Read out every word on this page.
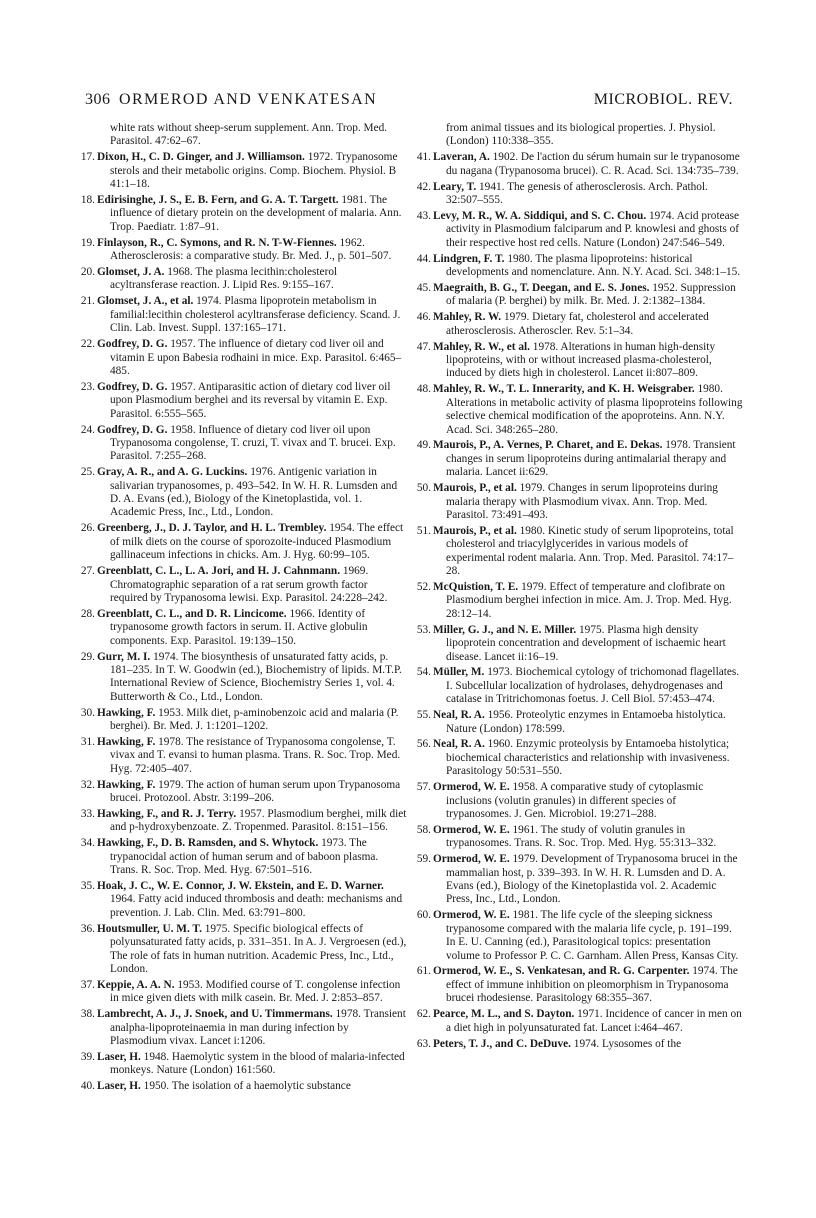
306 ORMEROD AND VENKATESAN	MICROBIOL. REV.
white rats without sheep-serum supplement. Ann. Trop. Med. Parasitol. 47:62–67.
17. Dixon, H., C. D. Ginger, and J. Williamson. 1972. Trypanosome sterols and their metabolic origins. Comp. Biochem. Physiol. B 41:1–18.
18. Edirisinghe, J. S., E. B. Fern, and G. A. T. Targett. 1981. The influence of dietary protein on the development of malaria. Ann. Trop. Paediatr. 1:87–91.
19. Finlayson, R., C. Symons, and R. N. T-W-Fiennes. 1962. Atherosclerosis: a comparative study. Br. Med. J., p. 501–507.
20. Glomset, J. A. 1968. The plasma lecithin:cholesterol acyltransferase reaction. J. Lipid Res. 9:155–167.
21. Glomset, J. A., et al. 1974. Plasma lipoprotein metabolism in familial:lecithin cholesterol acyltransferase deficiency. Scand. J. Clin. Lab. Invest. Suppl. 137:165–171.
22. Godfrey, D. G. 1957. The influence of dietary cod liver oil and vitamin E upon Babesia rodhaini in mice. Exp. Parasitol. 6:465–485.
23. Godfrey, D. G. 1957. Antiparasitic action of dietary cod liver oil upon Plasmodium berghei and its reversal by vitamin E. Exp. Parasitol. 6:555–565.
24. Godfrey, D. G. 1958. Influence of dietary cod liver oil upon Trypanosoma congolense, T. cruzi, T. vivax and T. brucei. Exp. Parasitol. 7:255–268.
25. Gray, A. R., and A. G. Luckins. 1976. Antigenic variation in salivarian trypanosomes, p. 493–542. In W. H. R. Lumsden and D. A. Evans (ed.), Biology of the Kinetoplastida, vol. 1. Academic Press, Inc., Ltd., London.
26. Greenberg, J., D. J. Taylor, and H. L. Trembley. 1954. The effect of milk diets on the course of sporozoite-induced Plasmodium gallinaceum infections in chicks. Am. J. Hyg. 60:99–105.
27. Greenblatt, C. L., L. A. Jori, and H. J. Cahnmann. 1969. Chromatographic separation of a rat serum growth factor required by Trypanosoma lewisi. Exp. Parasitol. 24:228–242.
28. Greenblatt, C. L., and D. R. Lincicome. 1966. Identity of trypanosome growth factors in serum. II. Active globulin components. Exp. Parasitol. 19:139–150.
29. Gurr, M. I. 1974. The biosynthesis of unsaturated fatty acids, p. 181–235. In T. W. Goodwin (ed.), Biochemistry of lipids. M.T.P. International Review of Science, Biochemistry Series 1, vol. 4. Butterworth & Co., Ltd., London.
30. Hawking, F. 1953. Milk diet, p-aminobenzoic acid and malaria (P. berghei). Br. Med. J. 1:1201–1202.
31. Hawking, F. 1978. The resistance of Trypanosoma congolense, T. vivax and T. evansi to human plasma. Trans. R. Soc. Trop. Med. Hyg. 72:405–407.
32. Hawking, F. 1979. The action of human serum upon Trypanosoma brucei. Protozool. Abstr. 3:199–206.
33. Hawking, F., and R. J. Terry. 1957. Plasmodium berghei, milk diet and p-hydroxybenzoate. Z. Tropenmed. Parasitol. 8:151–156.
34. Hawking, F., D. B. Ramsden, and S. Whytock. 1973. The trypanocidal action of human serum and of baboon plasma. Trans. R. Soc. Trop. Med. Hyg. 67:501–516.
35. Hoak, J. C., W. E. Connor, J. W. Ekstein, and E. D. Warner. 1964. Fatty acid induced thrombosis and death: mechanisms and prevention. J. Lab. Clin. Med. 63:791–800.
36. Houtsmuller, U. M. T. 1975. Specific biological effects of polyunsaturated fatty acids, p. 331–351. In A. J. Vergroesen (ed.), The role of fats in human nutrition. Academic Press, Inc., Ltd., London.
37. Keppie, A. A. N. 1953. Modified course of T. congolense infection in mice given diets with milk casein. Br. Med. J. 2:853–857.
38. Lambrecht, A. J., J. Snoek, and U. Timmermans. 1978. Transient analpha-lipoproteinaemia in man during infection by Plasmodium vivax. Lancet i:1206.
39. Laser, H. 1948. Haemolytic system in the blood of malaria-infected monkeys. Nature (London) 161:560.
40. Laser, H. 1950. The isolation of a haemolytic substance
from animal tissues and its biological properties. J. Physiol. (London) 110:338–355.
41. Laveran, A. 1902. De l'action du sérum humain sur le trypanosome du nagana (Trypanosoma brucei). C. R. Acad. Sci. 134:735–739.
42. Leary, T. 1941. The genesis of atherosclerosis. Arch. Pathol. 32:507–555.
43. Levy, M. R., W. A. Siddiqui, and S. C. Chou. 1974. Acid protease activity in Plasmodium falciparum and P. knowlesi and ghosts of their respective host red cells. Nature (London) 247:546–549.
44. Lindgren, F. T. 1980. The plasma lipoproteins: historical developments and nomenclature. Ann. N.Y. Acad. Sci. 348:1–15.
45. Maegraith, B. G., T. Deegan, and E. S. Jones. 1952. Suppression of malaria (P. berghei) by milk. Br. Med. J. 2:1382–1384.
46. Mahley, R. W. 1979. Dietary fat, cholesterol and accelerated atherosclerosis. Atheroscler. Rev. 5:1–34.
47. Mahley, R. W., et al. 1978. Alterations in human high-density lipoproteins, with or without increased plasma-cholesterol, induced by diets high in cholesterol. Lancet ii:807–809.
48. Mahley, R. W., T. L. Innerarity, and K. H. Weisgraber. 1980. Alterations in metabolic activity of plasma lipoproteins following selective chemical modification of the apoproteins. Ann. N.Y. Acad. Sci. 348:265–280.
49. Maurois, P., A. Vernes, P. Charet, and E. Dekas. 1978. Transient changes in serum lipoproteins during antimalarial therapy and malaria. Lancet ii:629.
50. Maurois, P., et al. 1979. Changes in serum lipoproteins during malaria therapy with Plasmodium vivax. Ann. Trop. Med. Parasitol. 73:491–493.
51. Maurois, P., et al. 1980. Kinetic study of serum lipoproteins, total cholesterol and triacylglycerides in various models of experimental rodent malaria. Ann. Trop. Med. Parasitol. 74:17–28.
52. McQuistion, T. E. 1979. Effect of temperature and clofibrate on Plasmodium berghei infection in mice. Am. J. Trop. Med. Hyg. 28:12–14.
53. Miller, G. J., and N. E. Miller. 1975. Plasma high density lipoprotein concentration and development of ischaemic heart disease. Lancet ii:16–19.
54. Müller, M. 1973. Biochemical cytology of trichomonad flagellates. I. Subcellular localization of hydrolases, dehydrogenases and catalase in Tritrichomonas foetus. J. Cell Biol. 57:453–474.
55. Neal, R. A. 1956. Proteolytic enzymes in Entamoeba histolytica. Nature (London) 178:599.
56. Neal, R. A. 1960. Enzymic proteolysis by Entamoeba histolytica; biochemical characteristics and relationship with invasiveness. Parasitology 50:531–550.
57. Ormerod, W. E. 1958. A comparative study of cytoplasmic inclusions (volutin granules) in different species of trypanosomes. J. Gen. Microbiol. 19:271–288.
58. Ormerod, W. E. 1961. The study of volutin granules in trypanosomes. Trans. R. Soc. Trop. Med. Hyg. 55:313–332.
59. Ormerod, W. E. 1979. Development of Trypanosoma brucei in the mammalian host, p. 339–393. In W. H. R. Lumsden and D. A. Evans (ed.), Biology of the Kinetoplastida vol. 2. Academic Press, Inc., Ltd., London.
60. Ormerod, W. E. 1981. The life cycle of the sleeping sickness trypanosome compared with the malaria life cycle, p. 191–199. In E. U. Canning (ed.), Parasitological topics: presentation volume to Professor P. C. C. Garnham. Allen Press, Kansas City.
61. Ormerod, W. E., S. Venkatesan, and R. G. Carpenter. 1974. The effect of immune inhibition on pleomorphism in Trypanosoma brucei rhodesiense. Parasitology 68:355–367.
62. Pearce, M. L., and S. Dayton. 1971. Incidence of cancer in men on a diet high in polyunsaturated fat. Lancet i:464–467.
63. Peters, T. J., and C. DeDuve. 1974. Lysosomes of the
